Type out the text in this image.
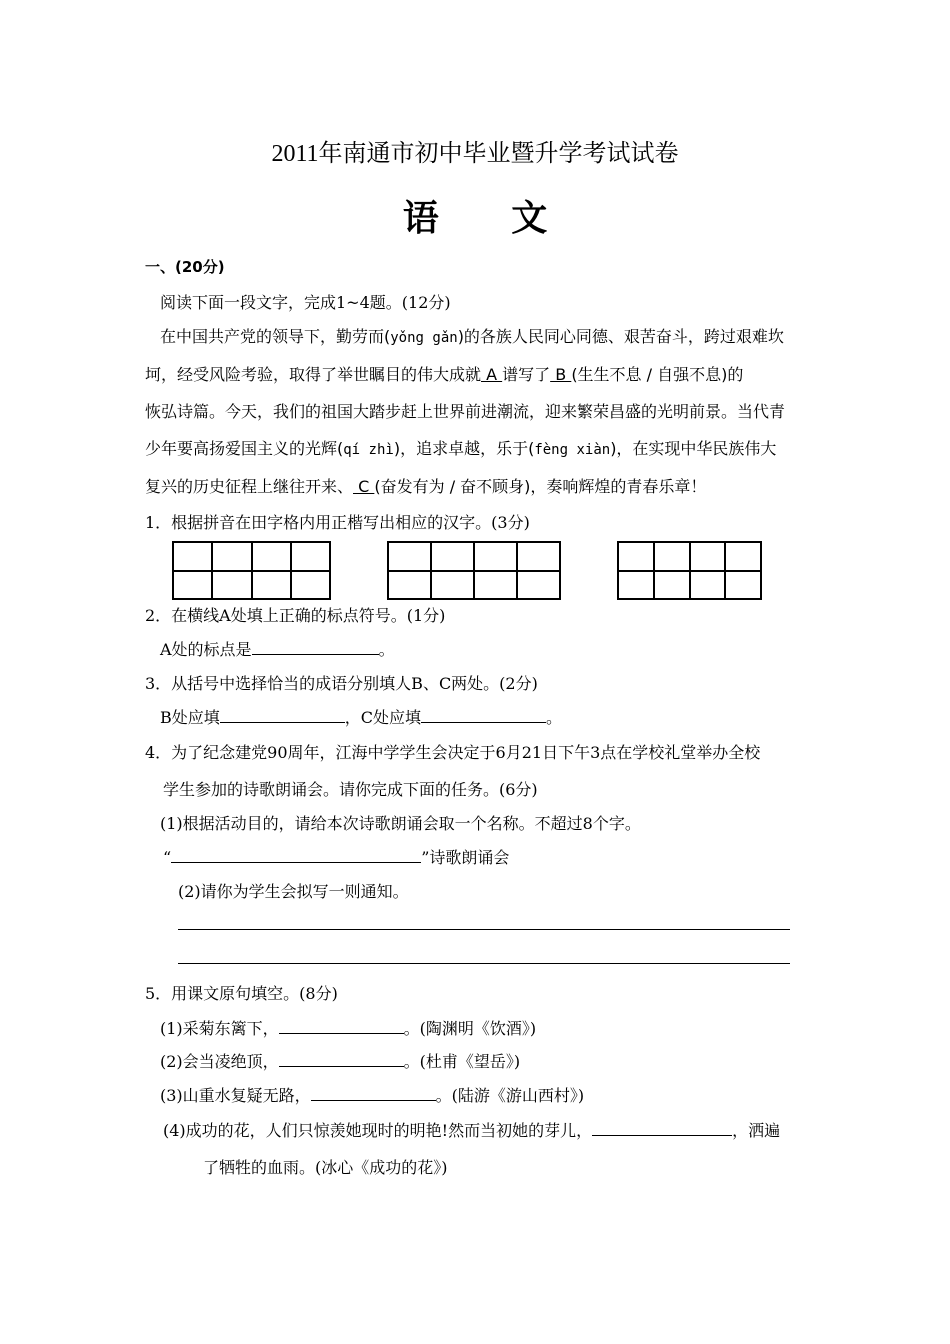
2011年南通市初中毕业暨升学考试试卷
语 文
一、(20分)
阅读下面一段文字，完成1~4题。(12分)
在中国共产党的领导下，勤劳而(yǒng gǎn)的各族人民同心同德、艰苦奋斗，跨过艰难坎
坷，经受风险考验，取得了举世瞩目的伟大成就 A 谱写了 B (生生不息 / 自强不息)的
恢弘诗篇。今天，我们的祖国大踏步赶上世界前进潮流，迎来繁荣昌盛的光明前景。当代青
少年要高扬爱国主义的光辉(qí zhì)，追求卓越，乐于(fèng xiàn)，在实现中华民族伟大
复兴的历史征程上继往开来、 C (奋发有为 / 奋不顾身)，奏响辉煌的青春乐章！
1．根据拼音在田字格内用正楷写出相应的汉字。(3分)
2．在横线A处填上正确的标点符号。(1分)
A处的标点是	。
3．从括号中选择恰当的成语分别填人B、C两处。(2分)
B处应填	，C处应填	。
4．为了纪念建党90周年，江海中学学生会决定于6月21日下午3点在学校礼堂举办全校
学生参加的诗歌朗诵会。请你完成下面的任务。(6分)
(1)根据活动目的，请给本次诗歌朗诵会取一个名称。不超过8个字。
“	”诗歌朗诵会
(2)请你为学生会拟写一则通知。
5．用课文原句填空。(8分)
(1)采菊东篱下，	。(陶渊明《饮酒》)
(2)会当凌绝顶，	。(杜甫《望岳》)
(3)山重水复疑无路，	。(陆游《游山西村》)
(4)成功的花，人们只惊羡她现时的明艳!然而当初她的芽儿，	，洒遍
了牺牲的血雨。(冰心《成功的花》)
